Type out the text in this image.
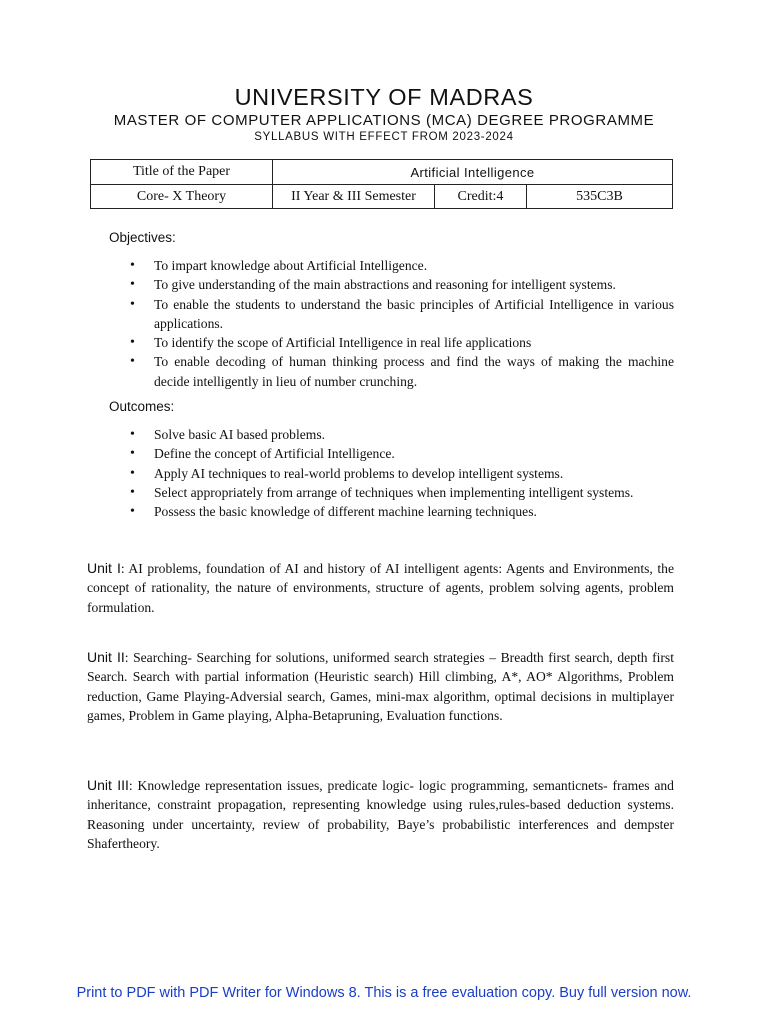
UNIVERSITY OF MADRAS
MASTER OF COMPUTER APPLICATIONS (MCA) DEGREE PROGRAMME
SYLLABUS WITH EFFECT FROM 2023-2024
Title of the Paper	Artificial Intelligence		
Core- X Theory	II Year & III Semester	Credit:4	535C3B
Objectives:
• To impart knowledge about Artificial Intelligence.
• To give understanding of the main abstractions and reasoning for intelligent systems.
• To enable the students to understand the basic principles of Artificial Intelligence in various applications.
• To identify the scope of Artificial Intelligence in real life applications
• To enable decoding of human thinking process and find the ways of making the machine decide intelligently in lieu of number crunching.
Outcomes:
• Solve basic AI based problems.
• Define the concept of Artificial Intelligence.
• Apply AI techniques to real-world problems to develop intelligent systems.
• Select appropriately from arrange of techniques when implementing intelligent systems.
• Possess the basic knowledge of different machine learning techniques.

Unit I: AI problems, foundation of AI and history of AI intelligent agents: Agents and Environments, the concept of rationality, the nature of environments, structure of agents, problem solving agents, problem formulation.

Unit II: Searching- Searching for solutions, uniformed search strategies – Breadth first search, depth first Search. Search with partial information (Heuristic search) Hill climbing, A*, AO* Algorithms, Problem reduction, Game Playing-Adversial search, Games, mini-max algorithm, optimal decisions in multiplayer games, Problem in Game playing, Alpha-Betapruning, Evaluation functions.

Unit III: Knowledge representation issues, predicate logic- logic programming, semanticnets- frames and inheritance, constraint propagation, representing knowledge using rules,rules-based deduction systems. Reasoning under uncertainty, review of probability, Baye’s probabilistic interferences and dempster Shafertheory.

Print to PDF with PDF Writer for Windows 8. This is a free evaluation copy. Buy full version now.
